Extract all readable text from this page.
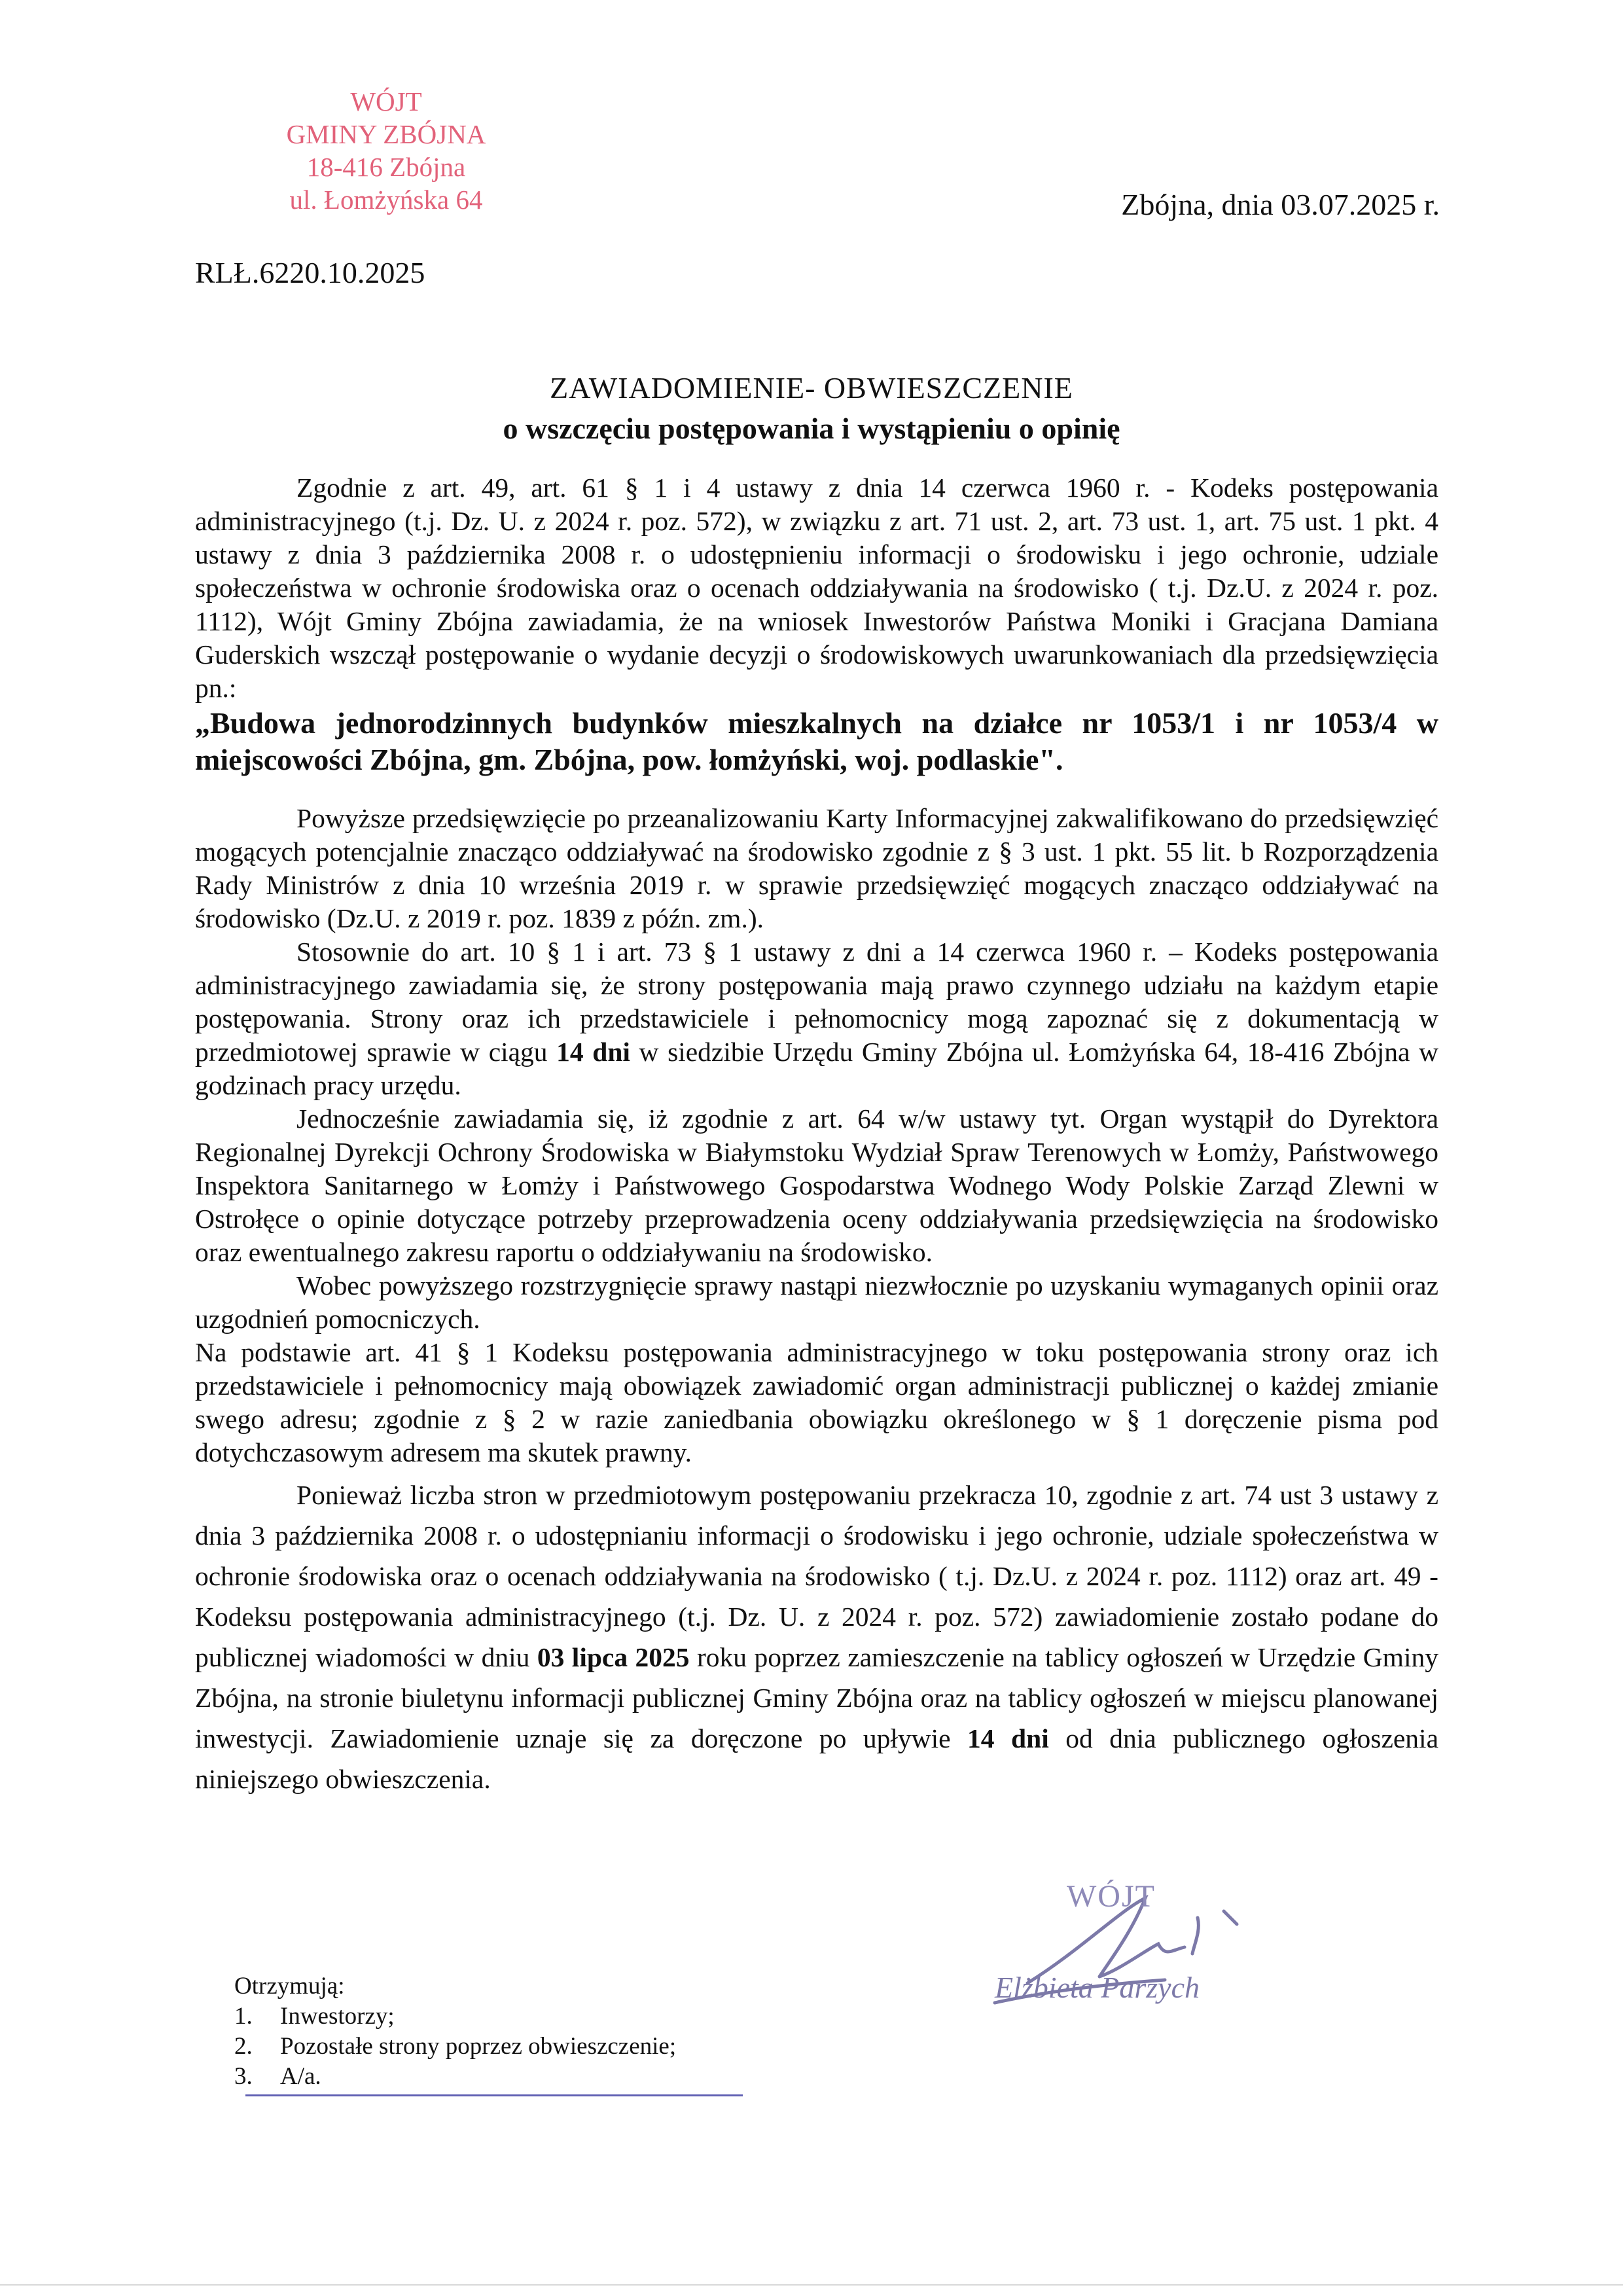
WÓJT
GMINY ZBÓJNA
18-416 Zbójna
ul. Łomżyńska 64	Zbójna, dnia 03.07.2025 r.
RLŁ.6220.10.2025
ZAWIADOMIENIE- OBWIESZCZENIE
o wszczęciu postępowania i wystąpieniu o opinię

Zgodnie z art. 49, art. 61 § 1 i 4 ustawy z dnia 14 czerwca 1960 r. - Kodeks postępowania administracyjnego (t.j. Dz. U. z 2024 r. poz. 572), w związku z art. 71 ust. 2, art. 73 ust. 1, art. 75 ust. 1 pkt. 4 ustawy z dnia 3 października 2008 r. o udostępnieniu informacji o środowisku i jego ochronie, udziale społeczeństwa w ochronie środowiska oraz o ocenach oddziaływania na środowisko ( t.j. Dz.U. z 2024 r. poz. 1112), Wójt Gminy Zbójna zawiadamia, że na wniosek Inwestorów Państwa Moniki i Gracjana Damiana Guderskich wszczął postępowanie o wydanie decyzji o środowiskowych uwarunkowaniach dla przedsięwzięcia pn.:

„Budowa jednorodzinnych budynków mieszkalnych na działce nr 1053/1 i nr 1053/4 w miejscowości Zbójna, gm. Zbójna, pow. łomżyński, woj. podlaskie".

Powyższe przedsięwzięcie po przeanalizowaniu Karty Informacyjnej zakwalifikowano do przedsięwzięć mogących potencjalnie znacząco oddziaływać na środowisko zgodnie z § 3 ust. 1 pkt. 55 lit. b Rozporządzenia Rady Ministrów z dnia 10 września 2019 r. w sprawie przedsięwzięć mogących znacząco oddziaływać na środowisko (Dz.U. z 2019 r. poz. 1839 z późn. zm.).

Stosownie do art. 10 § 1 i art. 73 § 1 ustawy z dni a 14 czerwca 1960 r. – Kodeks postępowania administracyjnego zawiadamia się, że strony postępowania mają prawo czynnego udziału na każdym etapie postępowania. Strony oraz ich przedstawiciele i pełnomocnicy mogą zapoznać się z dokumentacją w przedmiotowej sprawie w ciągu 14 dni w siedzibie Urzędu Gminy Zbójna ul. Łomżyńska 64, 18-416 Zbójna w godzinach pracy urzędu.

Jednocześnie zawiadamia się, iż zgodnie z art. 64 w/w ustawy tyt. Organ wystąpił do Dyrektora Regionalnej Dyrekcji Ochrony Środowiska w Białymstoku Wydział Spraw Terenowych w Łomży, Państwowego Inspektora Sanitarnego w Łomży i Państwowego Gospodarstwa Wodnego Wody Polskie Zarząd Zlewni w Ostrołęce o opinie dotyczące potrzeby przeprowadzenia oceny oddziaływania przedsięwzięcia na środowisko oraz ewentualnego zakresu raportu o oddziaływaniu na środowisko.

Wobec powyższego rozstrzygnięcie sprawy nastąpi niezwłocznie po uzyskaniu wymaganych opinii oraz uzgodnień pomocniczych.

Na podstawie art. 41 § 1 Kodeksu postępowania administracyjnego w toku postępowania strony oraz ich przedstawiciele i pełnomocnicy mają obowiązek zawiadomić organ administracji publicznej o każdej zmianie swego adresu; zgodnie z § 2 w razie zaniedbania obowiązku określonego w § 1 doręczenie pisma pod dotychczasowym adresem ma skutek prawny.

Ponieważ liczba stron w przedmiotowym postępowaniu przekracza 10, zgodnie z art. 74 ust 3 ustawy z dnia 3 października 2008 r. o udostępnianiu informacji o środowisku i jego ochronie, udziale społeczeństwa w ochronie środowiska oraz o ocenach oddziaływania na środowisko ( t.j. Dz.U. z 2024 r. poz. 1112) oraz art. 49 - Kodeksu postępowania administracyjnego (t.j. Dz. U. z 2024 r. poz. 572) zawiadomienie zostało podane do publicznej wiadomości w dniu 03 lipca 2025 roku poprzez zamieszczenie na tablicy ogłoszeń w Urzędzie Gminy Zbójna, na stronie biuletynu informacji publicznej Gminy Zbójna oraz na tablicy ogłoszeń w miejscu planowanej inwestycji. Zawiadomienie uznaje się za doręczone po upływie 14 dni od dnia publicznego ogłoszenia niniejszego obwieszczenia.

WÓJT
Elżbieta Parzych
Otrzymują:
1. Inwestorzy;
2. Pozostałe strony poprzez obwieszczenie;
3. A/a.
